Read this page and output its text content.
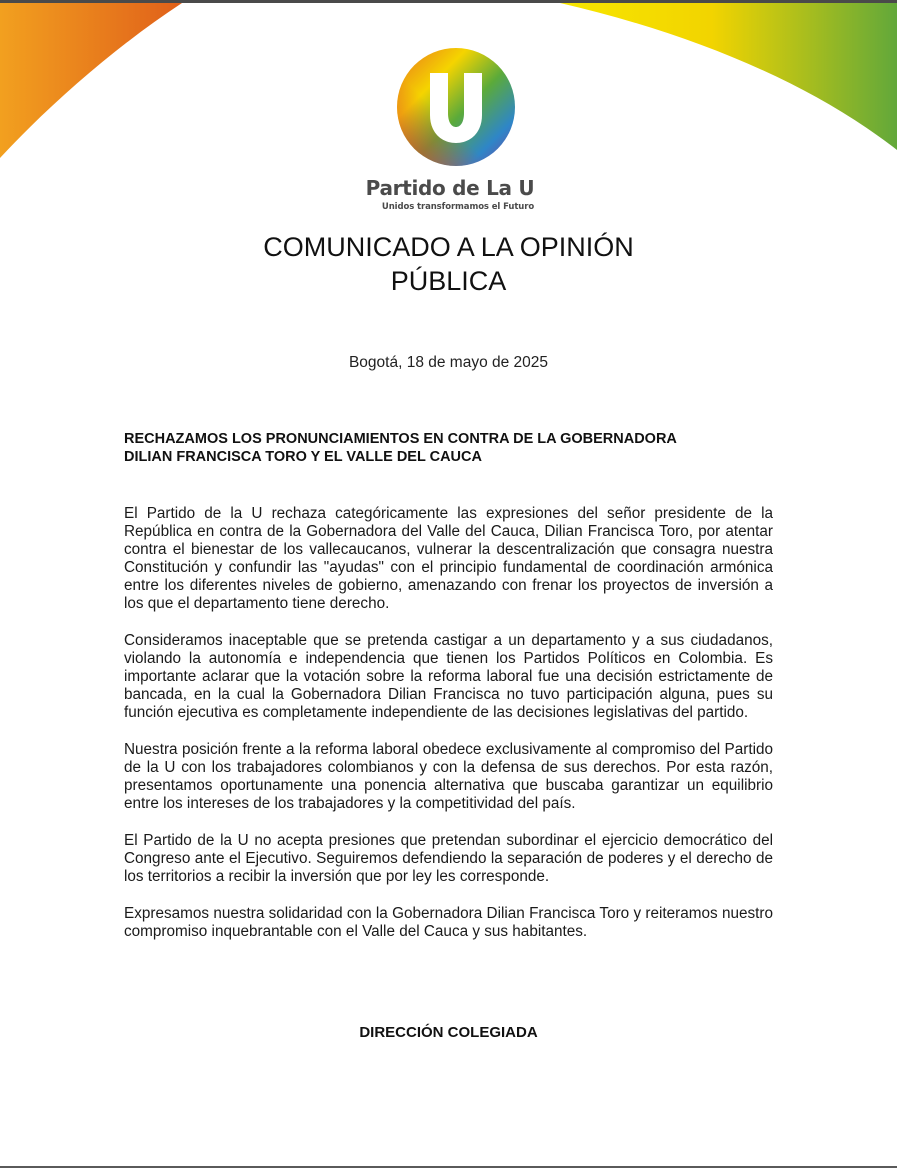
Partido de La U
Unidos transformamos el Futuro
COMUNICADO A LA OPINIÓN
PÚBLICA
Bogotá, 18 de mayo de 2025
RECHAZAMOS LOS PRONUNCIAMIENTOS EN CONTRA DE LA GOBERNADORA
DILIAN FRANCISCA TORO Y EL VALLE DEL CAUCA

El Partido de la U rechaza categóricamente las expresiones del señor presidente de la República en contra de la Gobernadora del Valle del Cauca, Dilian Francisca Toro, por atentar contra el bienestar de los vallecaucanos, vulnerar la descentralización que consagra nuestra Constitución y confundir las "ayudas" con el principio fundamental de coordinación armónica entre los diferentes niveles de gobierno, amenazando con frenar los proyectos de inversión a los que el departamento tiene derecho.

Consideramos inaceptable que se pretenda castigar a un departamento y a sus ciudadanos, violando la autonomía e independencia que tienen los Partidos Políticos en Colombia. Es importante aclarar que la votación sobre la reforma laboral fue una decisión estrictamente de bancada, en la cual la Gobernadora Dilian Francisca no tuvo participación alguna, pues su función ejecutiva es completamente independiente de las decisiones legislativas del partido.

Nuestra posición frente a la reforma laboral obedece exclusivamente al compromiso del Partido de la U con los trabajadores colombianos y con la defensa de sus derechos. Por esta razón, presentamos oportunamente una ponencia alternativa que buscaba garantizar un equilibrio entre los intereses de los trabajadores y la competitividad del país.

El Partido de la U no acepta presiones que pretendan subordinar el ejercicio democrático del Congreso ante el Ejecutivo. Seguiremos defendiendo la separación de poderes y el derecho de los territorios a recibir la inversión que por ley les corresponde.

Expresamos nuestra solidaridad con la Gobernadora Dilian Francisca Toro y reiteramos nuestro compromiso inquebrantable con el Valle del Cauca y sus habitantes.

DIRECCIÓN COLEGIADA
